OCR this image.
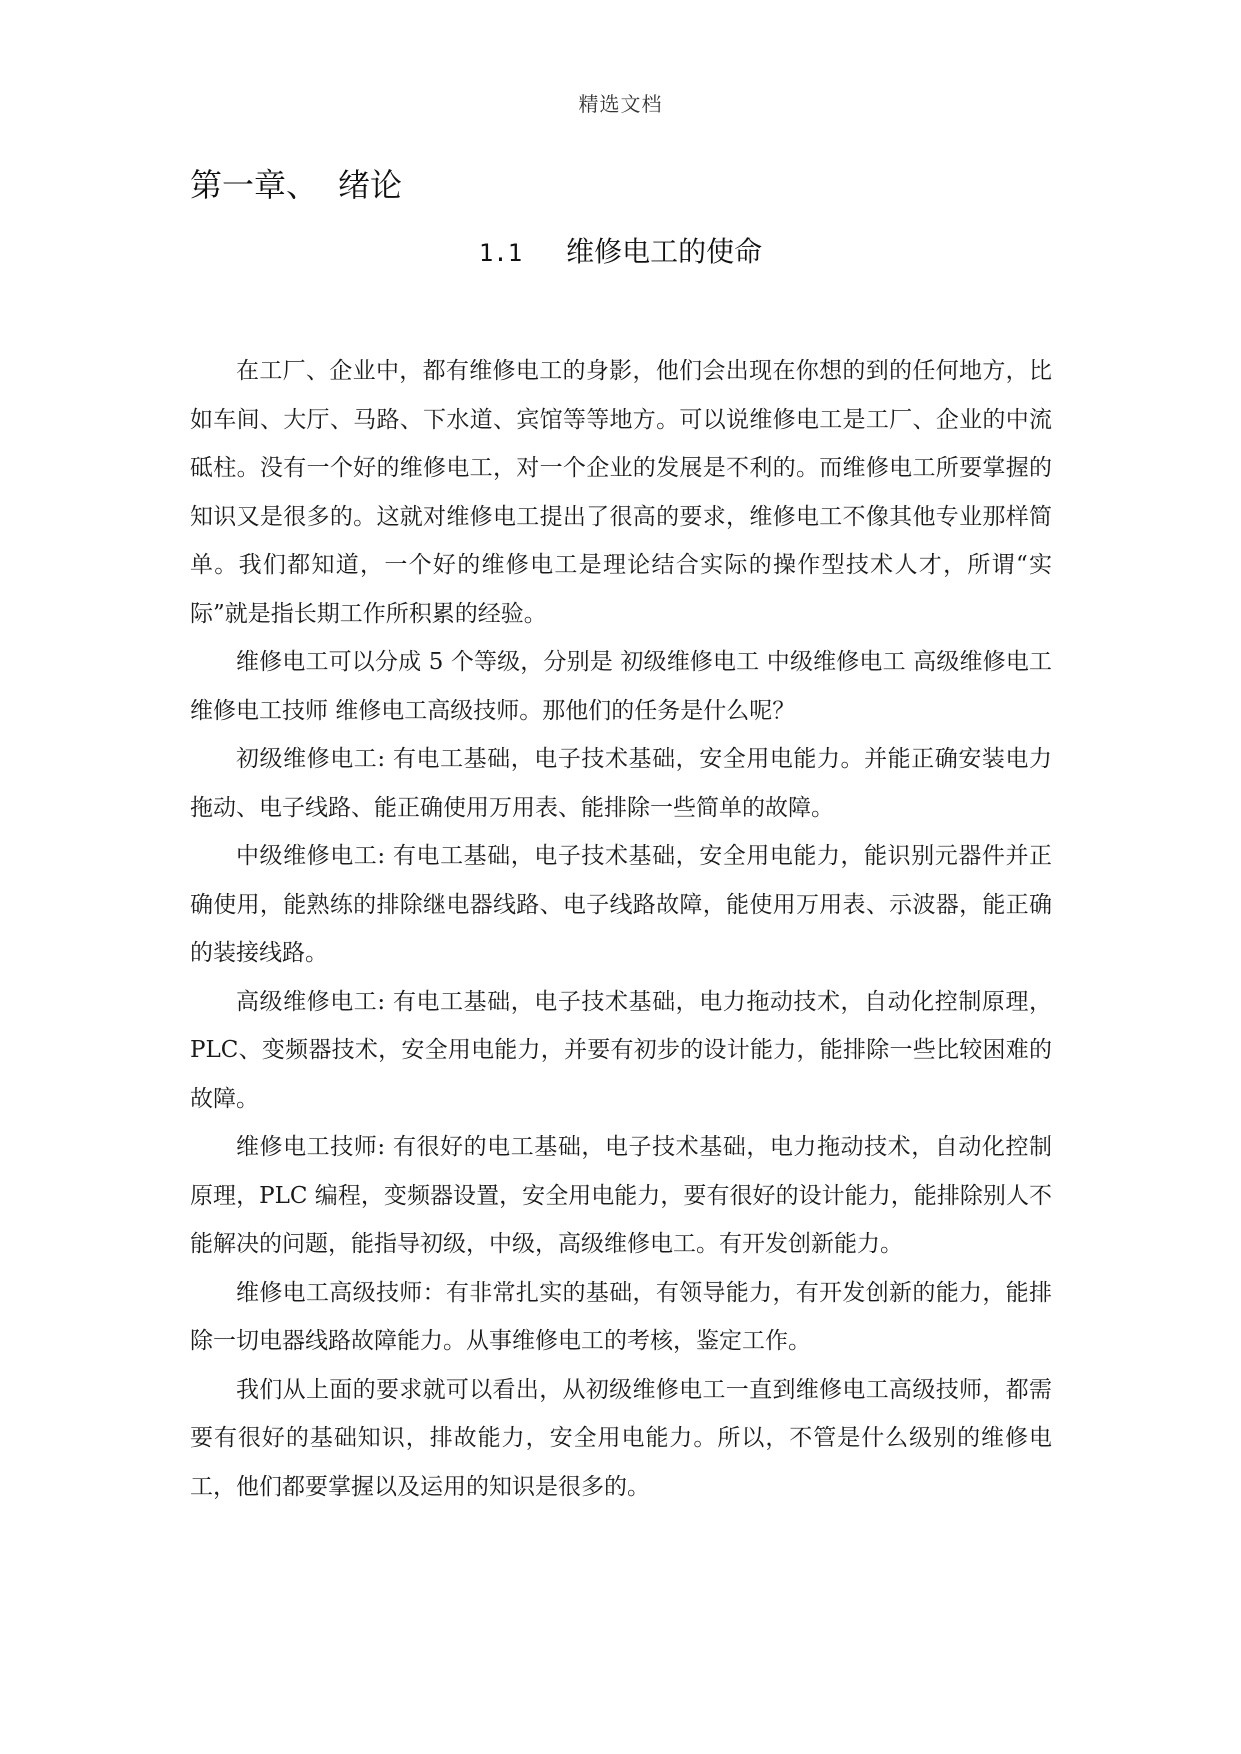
精选文档
第一章、 绪论
1.1 维修电工的使命

在工厂、企业中，都有维修电工的身影，他们会出现在你想的到的任何地方，比如车间、大厅、马路、下水道、宾馆等等地方。可以说维修电工是工厂、企业的中流砥柱。没有一个好的维修电工，对一个企业的发展是不利的。而维修电工所要掌握的知识又是很多的。这就对维修电工提出了很高的要求，维修电工不像其他专业那样简单。我们都知道，一个好的维修电工是理论结合实际的操作型技术人才，所谓“实际”就是指长期工作所积累的经验。

维修电工可以分成 5 个等级，分别是 初级维修电工 中级维修电工 高级维修电工 维修电工技师 维修电工高级技师。那他们的任务是什么呢？

初级维修电工: 有电工基础，电子技术基础，安全用电能力。并能正确安装电力拖动、电子线路、能正确使用万用表、能排除一些简单的故障。

中级维修电工: 有电工基础，电子技术基础，安全用电能力，能识别元器件并正确使用，能熟练的排除继电器线路、电子线路故障，能使用万用表、示波器，能正确的装接线路。

高级维修电工: 有电工基础，电子技术基础，电力拖动技术，自动化控制原理，PLC、变频器技术，安全用电能力，并要有初步的设计能力，能排除一些比较困难的故障。

维修电工技师: 有很好的电工基础，电子技术基础，电力拖动技术，自动化控制原理，PLC 编程，变频器设置，安全用电能力，要有很好的设计能力，能排除别人不能解决的问题，能指导初级，中级，高级维修电工。有开发创新能力。

维修电工高级技师：有非常扎实的基础，有领导能力，有开发创新的能力，能排除一切电器线路故障能力。从事维修电工的考核，鉴定工作。

我们从上面的要求就可以看出，从初级维修电工一直到维修电工高级技师，都需要有很好的基础知识，排故能力，安全用电能力。所以，不管是什么级别的维修电工，他们都要掌握以及运用的知识是很多的。
